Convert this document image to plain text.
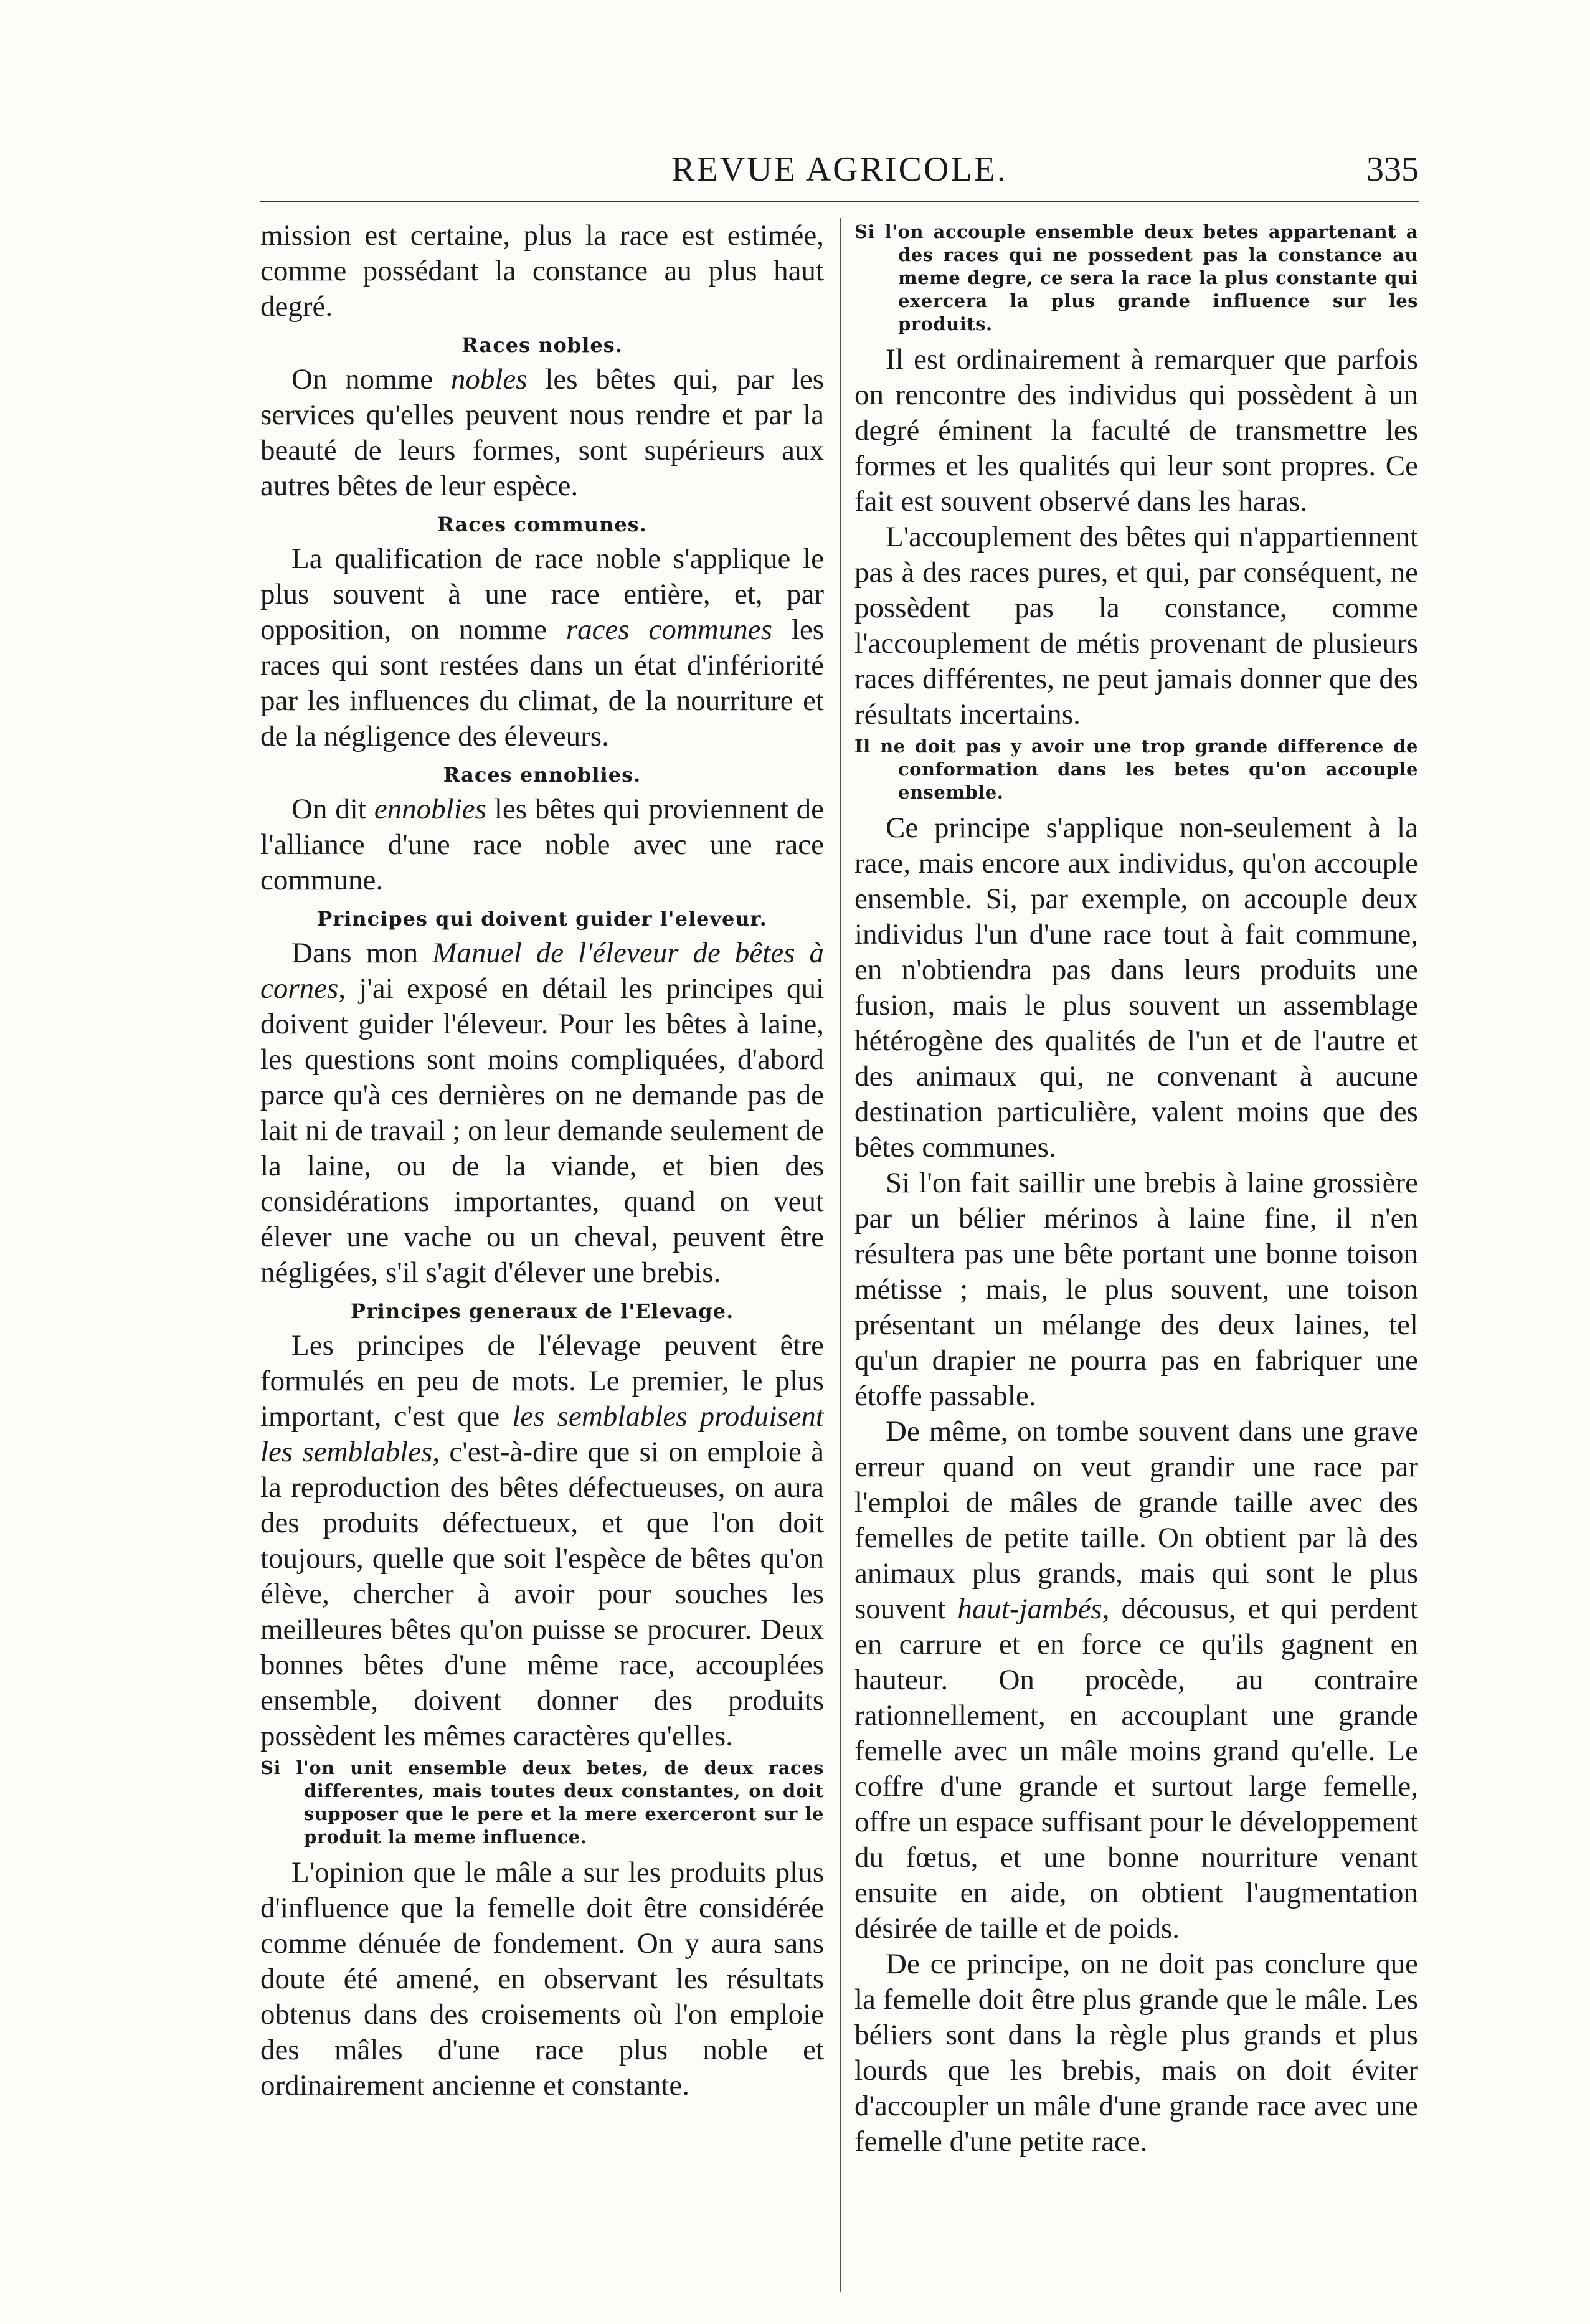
REVUE AGRICOLE.	335

mission est certaine, plus la race est estimée, comme possédant la constance au plus haut degré.

Races nobles.

On nomme nobles les bêtes qui, par les services qu'elles peuvent nous rendre et par la beauté de leurs formes, sont supérieurs aux autres bêtes de leur espèce.

Races communes.

La qualification de race noble s'applique le plus souvent à une race entière, et, par opposition, on nomme races communes les races qui sont restées dans un état d'infériorité par les influences du climat, de la nourriture et de la négligence des éleveurs.

Races ennoblies.

On dit ennoblies les bêtes qui proviennent de l'alliance d'une race noble avec une race commune.

Principes qui doivent guider l'eleveur.

Dans mon Manuel de l'éleveur de bêtes à cornes, j'ai exposé en détail les principes qui doivent guider l'éleveur. Pour les bêtes à laine, les questions sont moins compliquées, d'abord parce qu'à ces dernières on ne demande pas de lait ni de travail ; on leur demande seulement de la laine, ou de la viande, et bien des considérations importantes, quand on veut élever une vache ou un cheval, peuvent être négligées, s'il s'agit d'élever une brebis.

Principes generaux de l'Elevage.

Les principes de l'élevage peuvent être formulés en peu de mots. Le premier, le plus important, c'est que les semblables produisent les semblables, c'est-à-dire que si on emploie à la reproduction des bêtes défectueuses, on aura des produits défectueux, et que l'on doit toujours, quelle que soit l'espèce de bêtes qu'on élève, chercher à avoir pour souches les meilleures bêtes qu'on puisse se procurer. Deux bonnes bêtes d'une même race, accouplées ensemble, doivent donner des produits possèdent les mêmes caractères qu'elles.

Si l'on unit ensemble deux betes, de deux races differentes, mais toutes deux constantes, on doit supposer que le pere et la mere exerceront sur le produit la meme influence.

L'opinion que le mâle a sur les produits plus d'influence que la femelle doit être considérée comme dénuée de fondement. On y aura sans doute été amené, en observant les résultats obtenus dans des croisements où l'on emploie des mâles d'une race plus noble et ordinairement ancienne et constante.

Si l'on accouple ensemble deux betes appartenant a des races qui ne possedent pas la constance au meme degre, ce sera la race la plus constante qui exercera la plus grande influence sur les produits.

Il est ordinairement à remarquer que parfois on rencontre des individus qui possèdent à un degré éminent la faculté de transmettre les formes et les qualités qui leur sont propres. Ce fait est souvent observé dans les haras.

L'accouplement des bêtes qui n'appartiennent pas à des races pures, et qui, par conséquent, ne possèdent pas la constance, comme l'accouplement de métis provenant de plusieurs races différentes, ne peut jamais donner que des résultats incertains.

Il ne doit pas y avoir une trop grande difference de conformation dans les betes qu'on accouple ensemble.

Ce principe s'applique non-seulement à la race, mais encore aux individus, qu'on accouple ensemble. Si, par exemple, on accouple deux individus l'un d'une race tout à fait commune, en n'obtiendra pas dans leurs produits une fusion, mais le plus souvent un assemblage hétérogène des qualités de l'un et de l'autre et des animaux qui, ne convenant à aucune destination particulière, valent moins que des bêtes communes.

Si l'on fait saillir une brebis à laine grossière par un bélier mérinos à laine fine, il n'en résultera pas une bête portant une bonne toison métisse ; mais, le plus souvent, une toison présentant un mélange des deux laines, tel qu'un drapier ne pourra pas en fabriquer une étoffe passable.

De même, on tombe souvent dans une grave erreur quand on veut grandir une race par l'emploi de mâles de grande taille avec des femelles de petite taille. On obtient par là des animaux plus grands, mais qui sont le plus souvent haut-jambés, décousus, et qui perdent en carrure et en force ce qu'ils gagnent en hauteur. On procède, au contraire rationnellement, en accouplant une grande femelle avec un mâle moins grand qu'elle. Le coffre d'une grande et surtout large femelle, offre un espace suffisant pour le développement du fœtus, et une bonne nourriture venant ensuite en aide, on obtient l'augmentation désirée de taille et de poids.

De ce principe, on ne doit pas conclure que la femelle doit être plus grande que le mâle. Les béliers sont dans la règle plus grands et plus lourds que les brebis, mais on doit éviter d'accoupler un mâle d'une grande race avec une femelle d'une petite race.
